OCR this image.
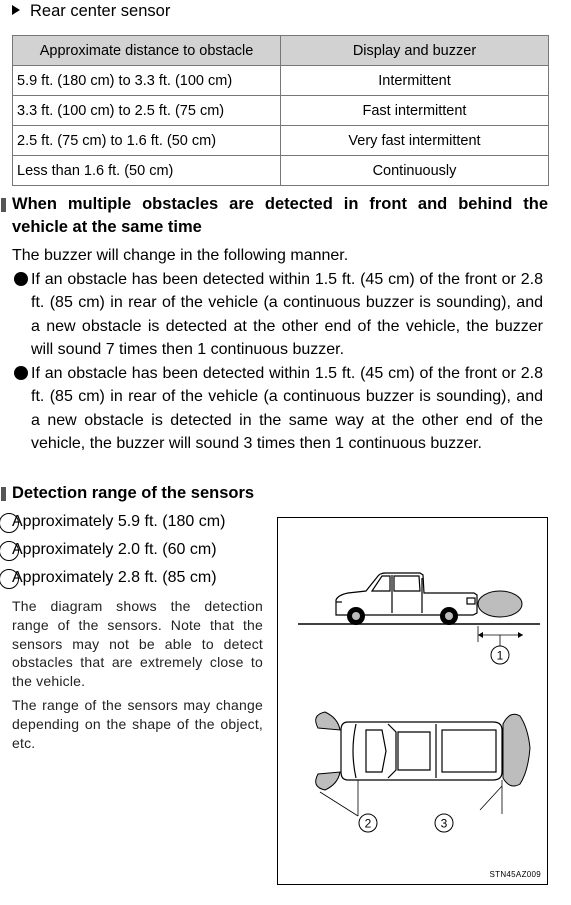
Rear center sensor
Approximate distance to obstacle	Display and buzzer
5.9 ft. (180 cm) to 3.3 ft. (100 cm)	Intermittent
3.3 ft. (100 cm) to 2.5 ft. (75 cm)	Fast intermittent
2.5 ft. (75 cm) to 1.6 ft. (50 cm)	Very fast intermittent
Less than 1.6 ft. (50 cm)	Continuously
When multiple obstacles are detected in front and behind the
vehicle at the same time
The buzzer will change in the following manner.
If an obstacle has been detected within 1.5 ft. (45 cm) of the front or 2.8 ft. (85 cm) in rear of the vehicle (a continuous buzzer is sounding), and a new obstacle is detected at the other end of the vehicle, the buzzer will sound 7 times then 1 continuous buzzer.
If an obstacle has been detected within 1.5 ft. (45 cm) of the front or 2.8 ft. (85 cm) in rear of the vehicle (a continuous buzzer is sounding), and a new obstacle is detected in the same way at the other end of the vehicle, the buzzer will sound 3 times then 1 continuous buzzer.
Detection range of the sensors
Approximately 5.9 ft. (180 cm)
Approximately 2.0 ft. (60 cm)
Approximately 2.8 ft. (85 cm)
The diagram shows the detection range of the sensors. Note that the sensors may not be able to detect obstacles that are extremely close to the vehicle.
The range of the sensors may change depending on the shape of the object, etc.
1
2	3
STN45AZ009
